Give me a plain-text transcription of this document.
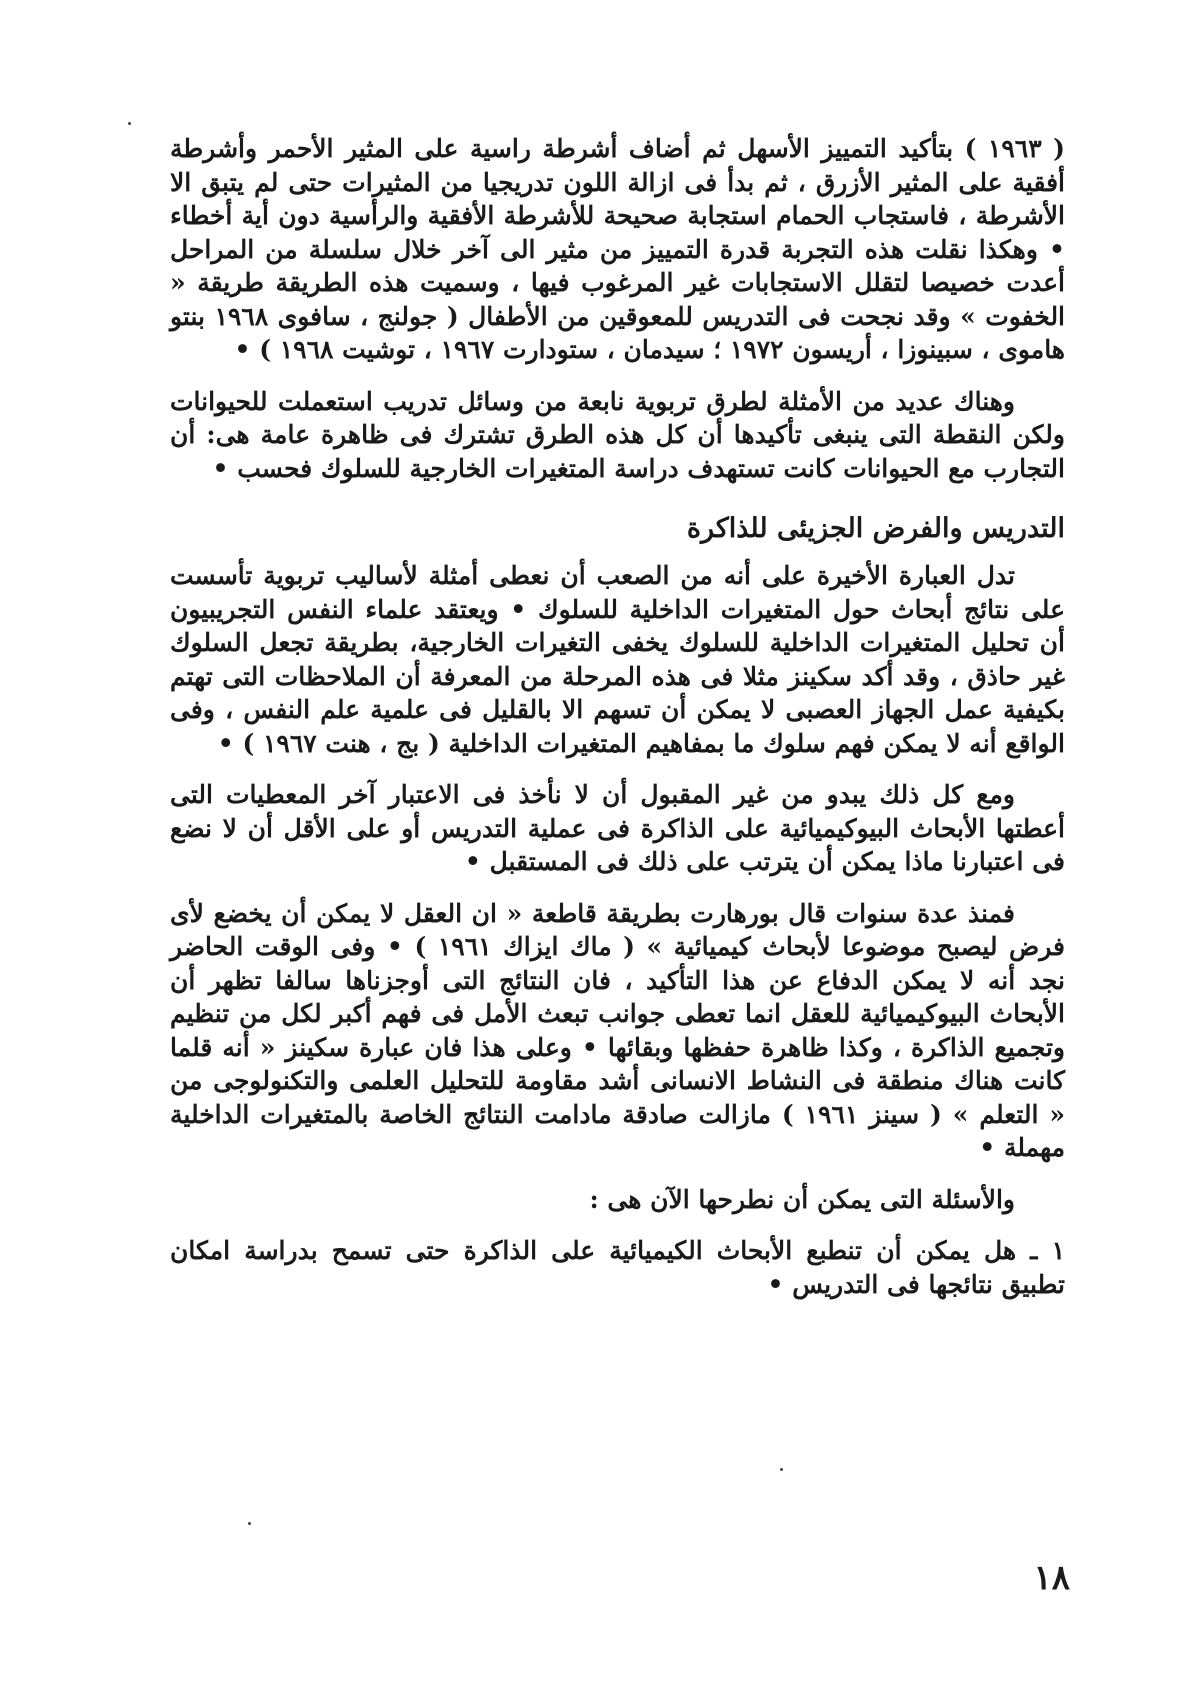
( ١٩٦٣ ) بتأكيد التمييز الأسهل ثم أضاف أشرطة راسية على المثير الأحمر وأشرطة أفقية على المثير الأزرق ، ثم بدأ فى ازالة اللون تدريجيا من المثيرات حتى لم يتبق الا الأشرطة ، فاستجاب الحمام استجابة صحيحة للأشرطة الأفقية والرأسية دون أية أخطاء • وهكذا نقلت هذه التجربة قدرة التمييز من مثير الى آخر خلال سلسلة من المراحل أعدت خصيصا لتقلل الاستجابات غير المرغوب فيها ، وسميت هذه الطريقة طريقة « الخفوت » وقد نجحت فى التدريس للمعوقين من الأطفال ( جولنج ، سافوى ١٩٦٨ بنتو هاموى ، سبينوزا ، أريسون ١٩٧٢ ؛ سيدمان ، ستودارت ١٩٦٧ ، توشيت ١٩٦٨ ) •

وهناك عديد من الأمثلة لطرق تربوية نابعة من وسائل تدريب استعملت للحيوانات ولكن النقطة التى ينبغى تأكيدها أن كل هذه الطرق تشترك فى ظاهرة عامة هى: أن التجارب مع الحيوانات كانت تستهدف دراسة المتغيرات الخارجية للسلوك فحسب •

التدريس والفرض الجزيئى للذاكرة

تدل العبارة الأخيرة على أنه من الصعب أن نعطى أمثلة لأساليب تربوية تأسست على نتائج أبحاث حول المتغيرات الداخلية للسلوك • ويعتقد علماء النفس التجريبيون أن تحليل المتغيرات الداخلية للسلوك يخفى التغيرات الخارجية، بطريقة تجعل السلوك غير حاذق ، وقد أكد سكينز مثلا فى هذه المرحلة من المعرفة أن الملاحظات التى تهتم بكيفية عمل الجهاز العصبى لا يمكن أن تسهم الا بالقليل فى علمية علم النفس ، وفى الواقع أنه لا يمكن فهم سلوك ما بمفاهيم المتغيرات الداخلية ( بج ، هنت ١٩٦٧ ) •

ومع كل ذلك يبدو من غير المقبول أن لا نأخذ فى الاعتبار آخر المعطيات التى أعطتها الأبحاث البيوكيميائية على الذاكرة فى عملية التدريس أو على الأقل أن لا نضع فى اعتبارنا ماذا يمكن أن يترتب على ذلك فى المستقبل •

فمنذ عدة سنوات قال بورهارت بطريقة قاطعة « ان العقل لا يمكن أن يخضع لأى فرض ليصبح موضوعا لأبحاث كيميائية » ( ماك ايزاك ١٩٦١ ) • وفى الوقت الحاضر نجد أنه لا يمكن الدفاع عن هذا التأكيد ، فان النتائج التى أوجزناها سالفا تظهر أن الأبحاث البيوكيميائية للعقل انما تعطى جوانب تبعث الأمل فى فهم أكبر لكل من تنظيم وتجميع الذاكرة ، وكذا ظاهرة حفظها وبقائها • وعلى هذا فان عبارة سكينز « أنه قلما كانت هناك منطقة فى النشاط الانسانى أشد مقاومة للتحليل العلمى والتكنولوجى من « التعلم » ( سينز ١٩٦١ ) مازالت صادقة مادامت النتائج الخاصة بالمتغيرات الداخلية مهملة •

والأسئلة التى يمكن أن نطرحها الآن هى :

١ ـ هل يمكن أن تنطبع الأبحاث الكيميائية على الذاكرة حتى تسمح بدراسة امكان تطبيق نتائجها فى التدريس •

١٨
